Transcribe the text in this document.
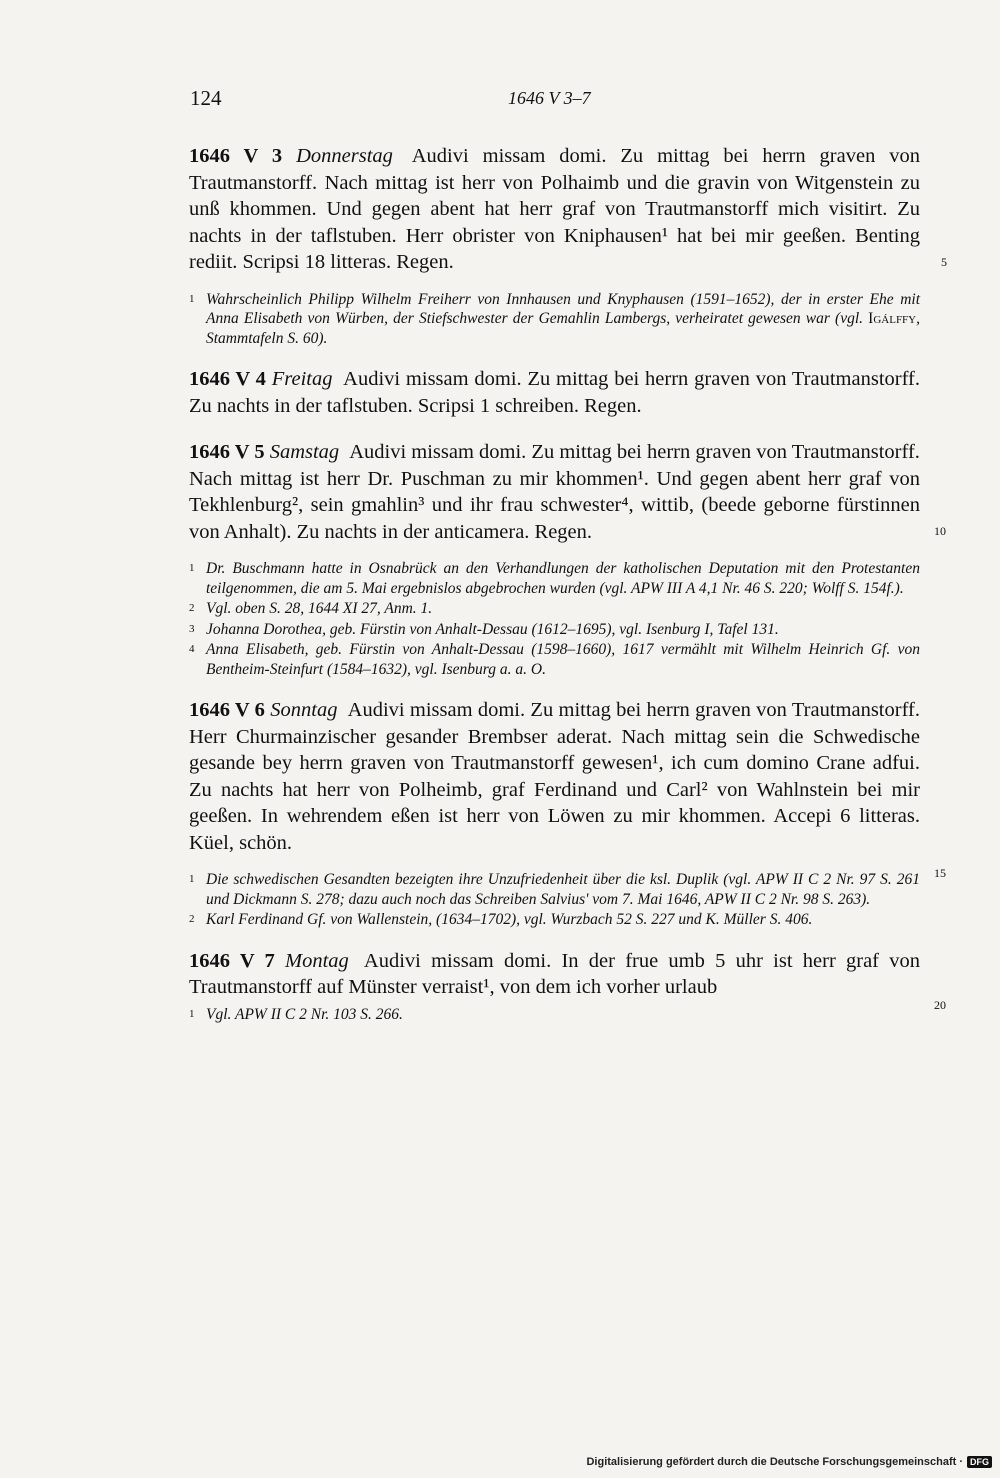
124	1646 V 3–7
5
10
15
20

1646 V 3 Donnerstag Audivi missam domi. Zu mittag bei herrn graven von Trautmanstorff. Nach mittag ist herr von Polhaimb und die gravin von Witgenstein zu unß khommen. Und gegen abent hat herr graf von Trautmanstorff mich visitirt. Zu nachts in der taflstuben. Herr obrister von Kniphausen¹ hat bei mir geeßen. Benting rediit. Scripsi 18 litteras. Regen.

1 Wahrscheinlich Philipp Wilhelm Freiherr von Innhausen und Knyphausen (1591–1652), der in erster Ehe mit Anna Elisabeth von Würben, der Stiefschwester der Gemahlin Lambergs, verheiratet gewesen war (vgl. Igálffy, Stammtafeln S. 60).

1646 V 4 Freitag Audivi missam domi. Zu mittag bei herrn graven von Trautmanstorff. Zu nachts in der taflstuben. Scripsi 1 schreiben. Regen.

1646 V 5 Samstag Audivi missam domi. Zu mittag bei herrn graven von Trautmanstorff.

Nach mittag ist herr Dr. Puschman zu mir khommen¹. Und gegen abent herr graf von Tekhlenburg², sein gmahlin³ und ihr frau schwester⁴, wittib, (beede geborne fürstinnen von Anhalt). Zu nachts in der anticamera. Regen.

1 Dr. Buschmann hatte in Osnabrück an den Verhandlungen der katholischen Deputation mit den Protestanten teilgenommen, die am 5. Mai ergebnislos abgebrochen wurden (vgl. APW III A 4,1 Nr. 46 S. 220; Wolff S. 154f.).

2 Vgl. oben S. 28, 1644 XI 27, Anm. 1.

3 Johanna Dorothea, geb. Fürstin von Anhalt-Dessau (1612–1695), vgl. Isenburg I, Tafel 131.

4 Anna Elisabeth, geb. Fürstin von Anhalt-Dessau (1598–1660), 1617 vermählt mit Wilhelm Heinrich Gf. von Bentheim-Steinfurt (1584–1632), vgl. Isenburg a. a. O.

1646 V 6 Sonntag Audivi missam domi. Zu mittag bei herrn graven von Trautmanstorff. Herr Churmainzischer gesander Brembser aderat. Nach mittag sein die Schwedische gesande bey herrn graven von Trautmanstorff gewesen¹, ich cum domino Crane adfui. Zu nachts hat herr von Polheimb, graf Ferdinand und Carl² von Wahlnstein bei mir geeßen. In wehrendem eßen ist herr von Löwen zu mir khommen. Accepi 6 litteras. Küel, schön.

1 Die schwedischen Gesandten bezeigten ihre Unzufriedenheit über die ksl. Duplik (vgl. APW II C 2 Nr. 97 S. 261 und Dickmann S. 278; dazu auch noch das Schreiben Salvius' vom 7. Mai 1646, APW II C 2 Nr. 98 S. 263).

2 Karl Ferdinand Gf. von Wallenstein, (1634–1702), vgl. Wurzbach 52 S. 227 und K. Müller S. 406.

1646 V 7 Montag Audivi missam domi. In der frue umb 5 uhr ist herr graf von Trautmanstorff auf Münster verraist¹, von dem ich vorher urlaub

1 Vgl. APW II C 2 Nr. 103 S. 266.

Digitalisierung gefördert durch die Deutsche Forschungsgemeinschaft · DFG
